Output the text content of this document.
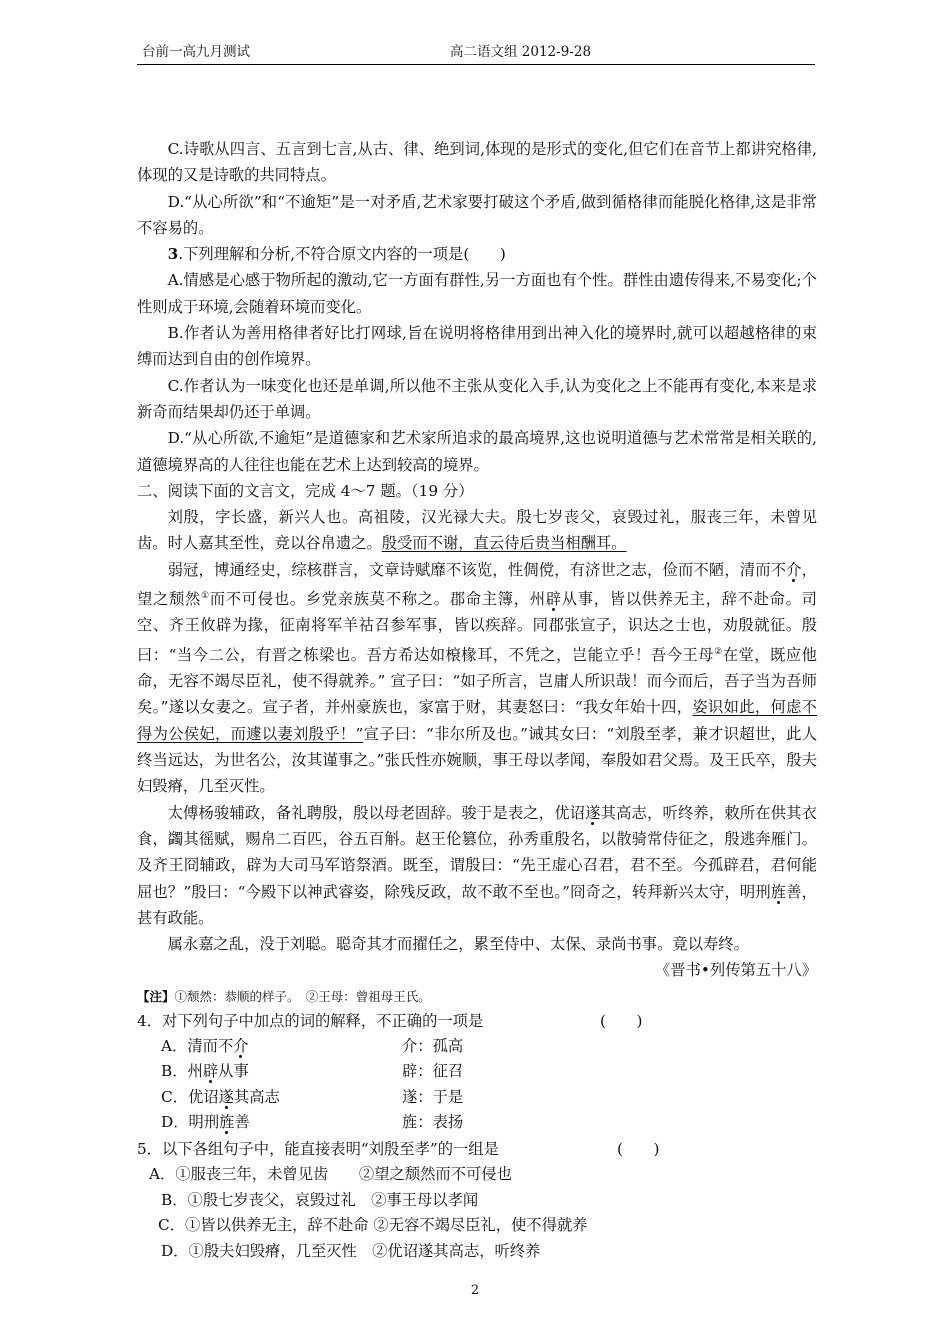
台前一高九月测试	高二语文组 2012-9-28

C.诗歌从四言、五言到七言,从古、律、绝到词,体现的是形式的变化,但它们在音节上都讲究格律,体现的又是诗歌的共同特点。

D.“从心所欲”和“不逾矩”是一对矛盾,艺术家要打破这个矛盾,做到循格律而能脱化格律,这是非常不容易的。

3.下列理解和分析,不符合原文内容的一项是(　　)

A.情感是心感于物所起的激动,它一方面有群性,另一方面也有个性。群性由遗传得来,不易变化;个性则成于环境,会随着环境而变化。

B.作者认为善用格律者好比打网球,旨在说明将格律用到出神入化的境界时,就可以超越格律的束缚而达到自由的创作境界。

C.作者认为一味变化也还是单调,所以他不主张从变化入手,认为变化之上不能再有变化,本来是求新奇而结果却仍还于单调。

D.“从心所欲,不逾矩”是道德家和艺术家所追求的最高境界,这也说明道德与艺术常常是相关联的,道德境界高的人往往也能在艺术上达到较高的境界。

二、阅读下面的文言文，完成 4～7 题。（19 分）

刘殷，字长盛，新兴人也。高祖陵，汉光禄大夫。殷七岁丧父，哀毁过礼，服丧三年，未曾见齿。时人嘉其至性，竞以谷帛遗之。殷受而不谢，直云待后贵当相酬耳。

弱冠，博通经史，综核群言，文章诗赋靡不该览，性倜傥，有济世之志，俭而不陋，清而不介，望之颓然①而不可侵也。乡党亲族莫不称之。郡命主簿，州辟从事，皆以供养无主，辞不赴命。司空、齐王攸辟为掾，征南将军羊祜召参军事，皆以疾辞。同郡张宣子，识达之士也，劝殷就征。殷曰：“当今二公，有晋之栋梁也。吾方希达如榱椽耳，不凭之，岂能立乎！吾今王母②在堂，既应他命，无容不竭尽臣礼，使不得就养。” 宣子曰：“如子所言，岂庸人所识哉！而今而后，吾子当为吾师矣。”遂以女妻之。宣子者，并州豪族也，家富于财，其妻怒曰：“我女年始十四，姿识如此，何虑不得为公侯妃，而遽以妻刘殷乎！”宣子曰：“非尔所及也。”诫其女曰：“刘殷至孝，兼才识超世，此人终当远达，为世名公，汝其谨事之。”张氏性亦婉顺，事王母以孝闻，奉殷如君父焉。及王氏卒，殷夫妇毁瘠，几至灭性。

太傅杨骏辅政，备礼聘殷，殷以母老固辞。骏于是表之，优诏遂其高志，听终养，敕所在供其衣食，蠲其徭赋，赐帛二百匹，谷五百斛。赵王伦篡位，孙秀重殷名，以散骑常侍征之，殷逃奔雁门。及齐王冏辅政，辟为大司马军谘祭酒。既至，谓殷曰：“先王虚心召君，君不至。今孤辟君，君何能屈也？”殷曰：“今殿下以神武睿姿，除残反政，故不敢不至也。”冏奇之，转拜新兴太守，明刑旌善，甚有政能。

属永嘉之乱，没于刘聪。聪奇其才而擢任之，累至侍中、太保、录尚书事。竟以寿终。

《晋书•列传第五十八》

【注】①颓然：恭顺的样子。　②王母：曾祖母王氏。

4．对下列句子中加点的词的解释，不正确的一项是	(　　)

A．清而不介	介：孤高
B．州辟从事	辟：征召
C．优诏遂其高志	遂：于是
D．明刑旌善	旌：表扬

5．以下各组句子中，能直接表明“刘殷至孝”的一组是	(　　)

A．①服丧三年，未曾见齿　　②望之颓然而不可侵也

B．①殷七岁丧父，哀毁过礼　②事王母以孝闻

C．①皆以供养无主，辞不赴命 ②无容不竭尽臣礼，使不得就养

D．①殷夫妇毁瘠，几至灭性　②优诏遂其高志，听终养

2
